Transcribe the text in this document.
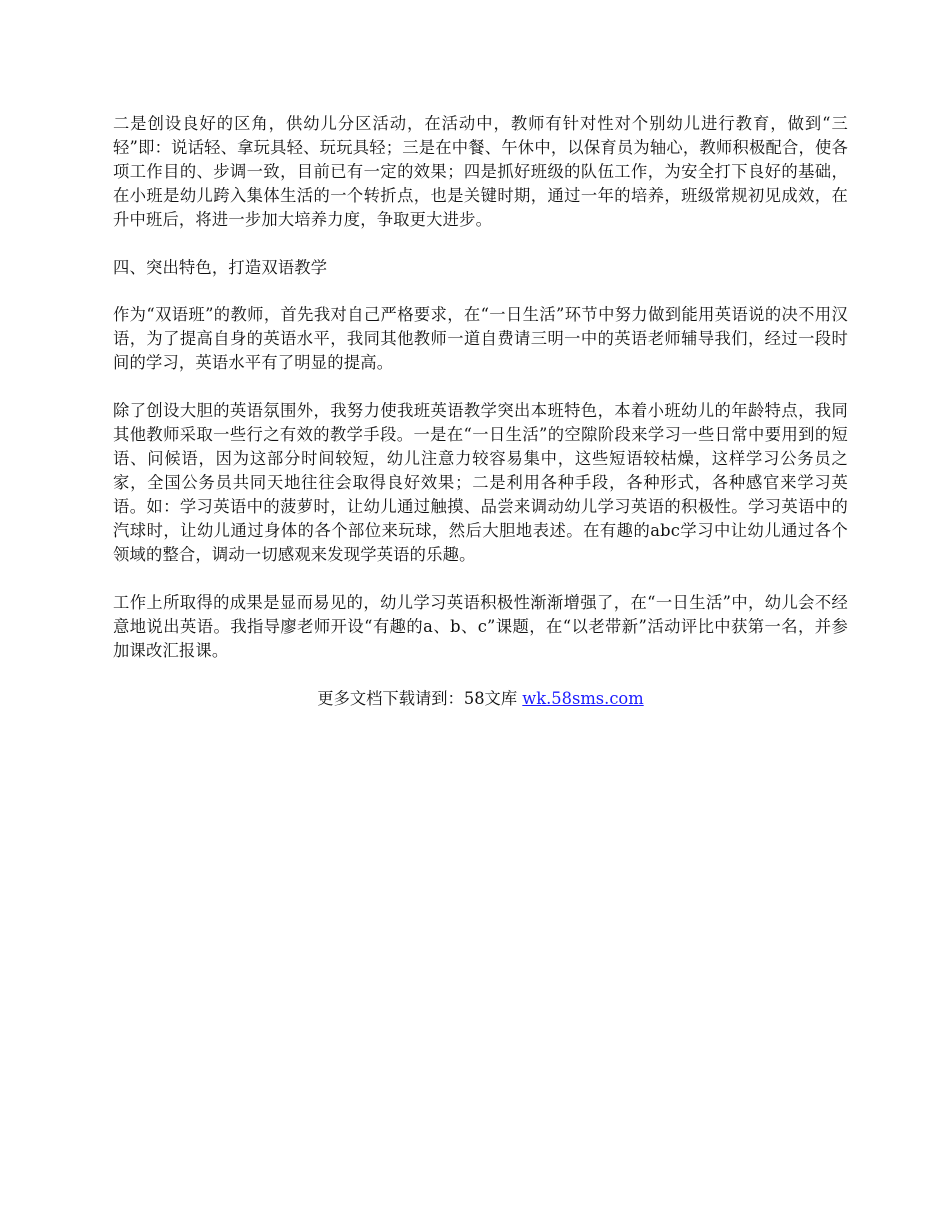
二是创设良好的区角，供幼儿分区活动，在活动中，教师有针对性对个别幼儿进行教育，做到“三轻”即：说话轻、拿玩具轻、玩玩具轻；三是在中餐、午休中，以保育员为轴心，教师积极配合，使各项工作目的、步调一致，目前已有一定的效果；四是抓好班级的队伍工作，为安全打下良好的基础，在小班是幼儿跨入集体生活的一个转折点，也是关键时期，通过一年的培养，班级常规初见成效，在升中班后，将进一步加大培养力度，争取更大进步。

四、突出特色，打造双语教学

作为“双语班”的教师，首先我对自己严格要求，在“一日生活”环节中努力做到能用英语说的决不用汉语，为了提高自身的英语水平，我同其他教师一道自费请三明一中的英语老师辅导我们，经过一段时间的学习，英语水平有了明显的提高。

除了创设大胆的英语氛围外，我努力使我班英语教学突出本班特色，本着小班幼儿的年龄特点，我同其他教师采取一些行之有效的教学手段。一是在“一日生活”的空隙阶段来学习一些日常中要用到的短语、问候语，因为这部分时间较短，幼儿注意力较容易集中，这些短语较枯燥，这样学习公务员之家，全国公务员共同天地往往会取得良好效果；二是利用各种手段，各种形式，各种感官来学习英语。如：学习英语中的菠萝时，让幼儿通过触摸、品尝来调动幼儿学习英语的积极性。学习英语中的汽球时，让幼儿通过身体的各个部位来玩球，然后大胆地表述。在有趣的abc学习中让幼儿通过各个领域的整合，调动一切感观来发现学英语的乐趣。

工作上所取得的成果是显而易见的，幼儿学习英语积极性渐渐增强了，在“一日生活”中，幼儿会不经意地说出英语。我指导廖老师开设“有趣的a、b、c”课题，在“以老带新”活动评比中获第一名，并参加课改汇报课。

更多文档下载请到：58文库 wk.58sms.com
